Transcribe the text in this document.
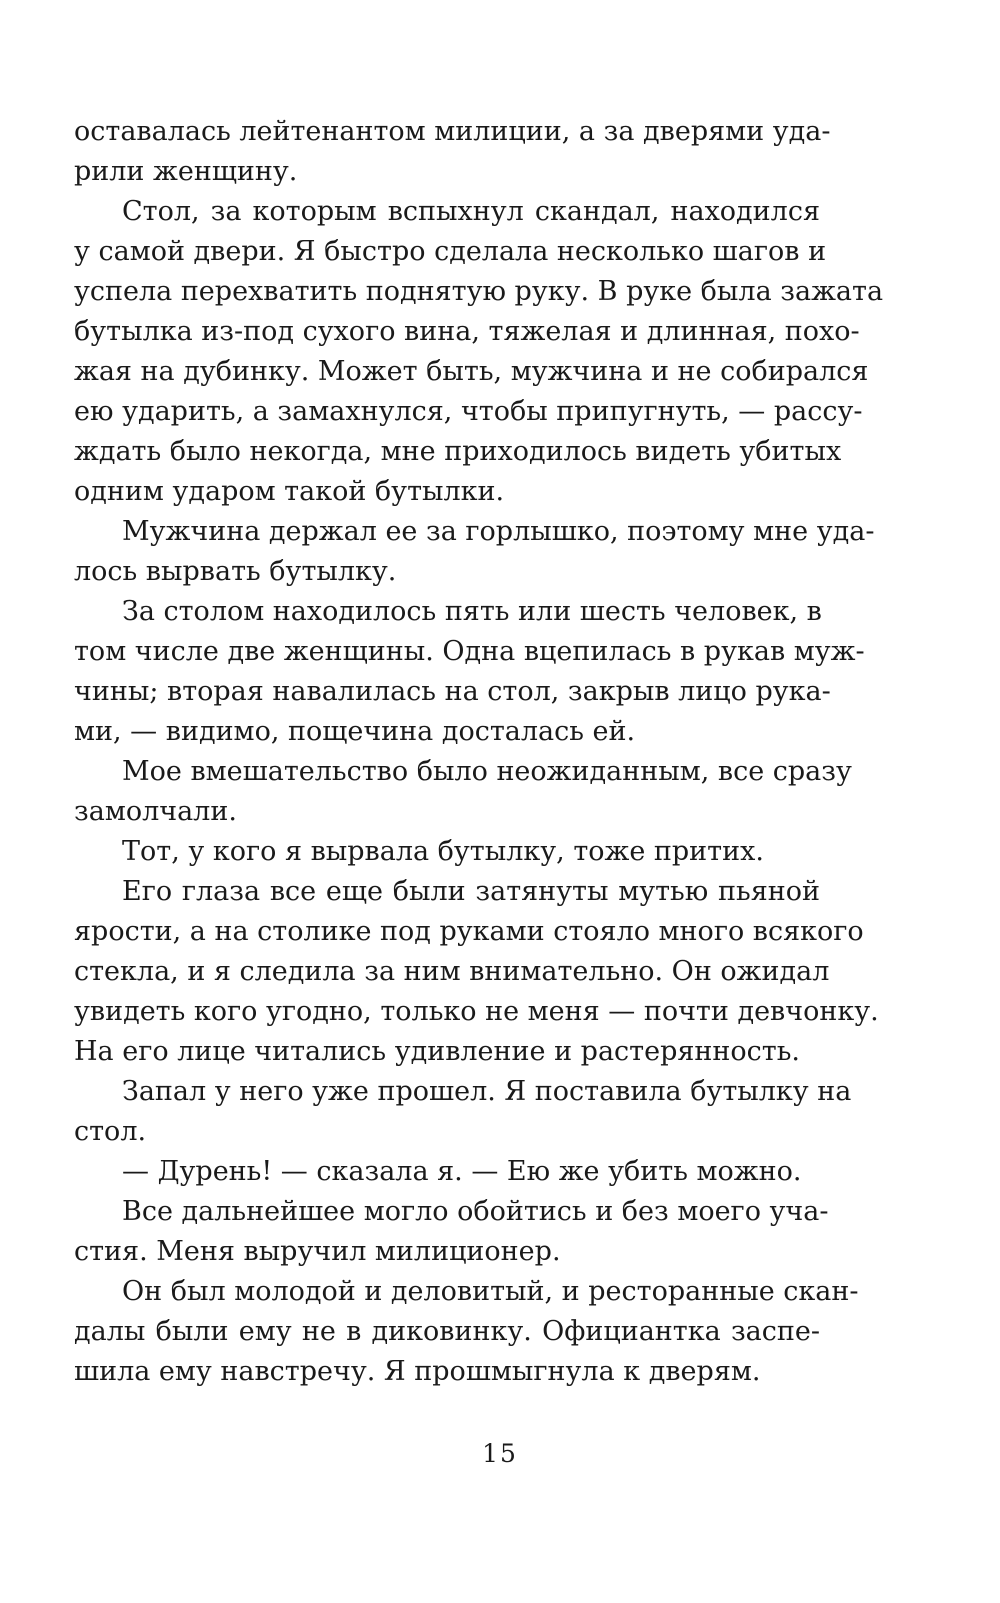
оставалась лейтенантом милиции, а за дверями уда-
рили женщину.
Стол, за которым вспыхнул скандал, находился
у самой двери. Я быстро сделала несколько шагов и
успела перехватить поднятую руку. В руке была зажата
бутылка из-под сухого вина, тяжелая и длинная, похо-
жая на дубинку. Может быть, мужчина и не собирался
ею ударить, а замахнулся, чтобы припугнуть, — рассу-
ждать было некогда, мне приходилось видеть убитых
одним ударом такой бутылки.
Мужчина держал ее за горлышко, поэтому мне уда-
лось вырвать бутылку.
За столом находилось пять или шесть человек, в
том числе две женщины. Одна вцепилась в рукав муж-
чины; вторая навалилась на стол, закрыв лицо рука-
ми, — видимо, пощечина досталась ей.
Мое вмешательство было неожиданным, все сразу
замолчали.
Тот, у кого я вырвала бутылку, тоже притих.
Его глаза все еще были затянуты мутью пьяной
ярости, а на столике под руками стояло много всякого
стекла, и я следила за ним внимательно. Он ожидал
увидеть кого угодно, только не меня — почти девчонку.
На его лице читались удивление и растерянность.
Запал у него уже прошел. Я поставила бутылку на
стол.
— Дурень! — сказала я. — Ею же убить можно.
Все дальнейшее могло обойтись и без моего уча-
стия. Меня выручил милиционер.
Он был молодой и деловитый, и ресторанные скан-
далы были ему не в диковинку. Официантка заспе-
шила ему навстречу. Я прошмыгнула к дверям.
15
